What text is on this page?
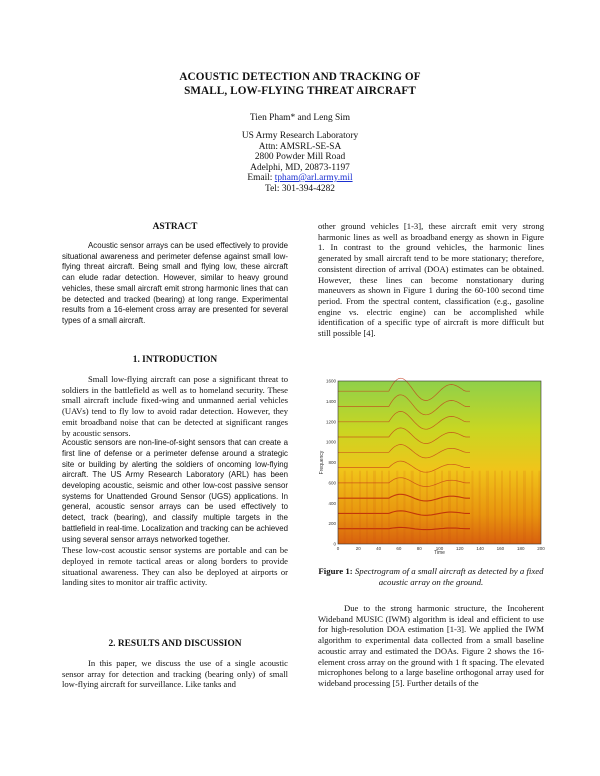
ACOUSTIC DETECTION AND TRACKING OF
SMALL, LOW-FLYING THREAT AIRCRAFT
Tien Pham* and Leng Sim
US Army Research Laboratory
Attn: AMSRL-SE-SA
2800 Powder Mill Road
Adelphi, MD, 20873-1197
Email: tpham@arl.army.mil
Tel: 301-394-4282
ASTRACT
Acoustic sensor arrays can be used effectively to provide situational awareness and perimeter defense against small low-flying threat aircraft. Being small and flying low, these aircraft can elude radar detection. However, similar to heavy ground vehicles, these small aircraft emit strong harmonic lines that can be detected and tracked (bearing) at long range. Experimental results from a 16-element cross array are presented for several types of a small aircraft.
1. INTRODUCTION
Small low-flying aircraft can pose a significant threat to soldiers in the battlefield as well as to homeland security. These small aircraft include fixed-wing and unmanned aerial vehicles (UAVs) tend to fly low to avoid radar detection. However, they emit broadband noise that can be detected at significant ranges by acoustic sensors.
Acoustic sensors are non-line-of-sight sensors that can create a first line of defense or a perimeter defense around a strategic site or building by alerting the soldiers of oncoming low-flying aircraft. The US Army Research Laboratory (ARL) has been developing acoustic, seismic and other low-cost passive sensor systems for Unattended Ground Sensor (UGS) applications. In general, acoustic sensor arrays can be used effectively to detect, track (bearing), and classify multiple targets in the battlefield in real-time. Localization and tracking can be achieved using several sensor arrays networked together.
These low-cost acoustic sensor systems are portable and can be deployed in remote tactical areas or along borders to provide situational awareness. They can also be deployed at airports or landing sites to monitor air traffic activity.
2. RESULTS AND DISCUSSION
In this paper, we discuss the use of a single acoustic sensor array for detection and tracking (bearing only) of small low-flying aircraft for surveillance. Like tanks and
other ground vehicles [1-3], these aircraft emit very strong harmonic lines as well as broadband energy as shown in Figure 1. In contrast to the ground vehicles, the harmonic lines generated by small aircraft tend to be more stationary; therefore, consistent direction of arrival (DOA) estimates can be obtained. However, these lines can become nonstationary during maneuvers as shown in Figure 1 during the 60-100 second time period. From the spectral content, classification (e.g., gasoline engine vs. electric engine) can be accomplished while identification of a specific type of aircraft is more difficult but still possible [4].
0	20	40	60	80	100	120	140	160	180	200
0
200
400
600
800
1000
1200
1400
1600
Time
Frequency
Figure 1: Spectrogram of a small aircraft as detected by a fixed acoustic array on the ground.
Due to the strong harmonic structure, the Incoherent Wideband MUSIC (IWM) algorithm is ideal and efficient to use for high-resolution DOA estimation [1-3]. We applied the IWM algorithm to experimental data collected from a small baseline acoustic array and estimated the DOAs. Figure 2 shows the 16-element cross array on the ground with 1 ft spacing. The elevated microphones belong to a large baseline orthogonal array used for wideband processing [5]. Further details of the
